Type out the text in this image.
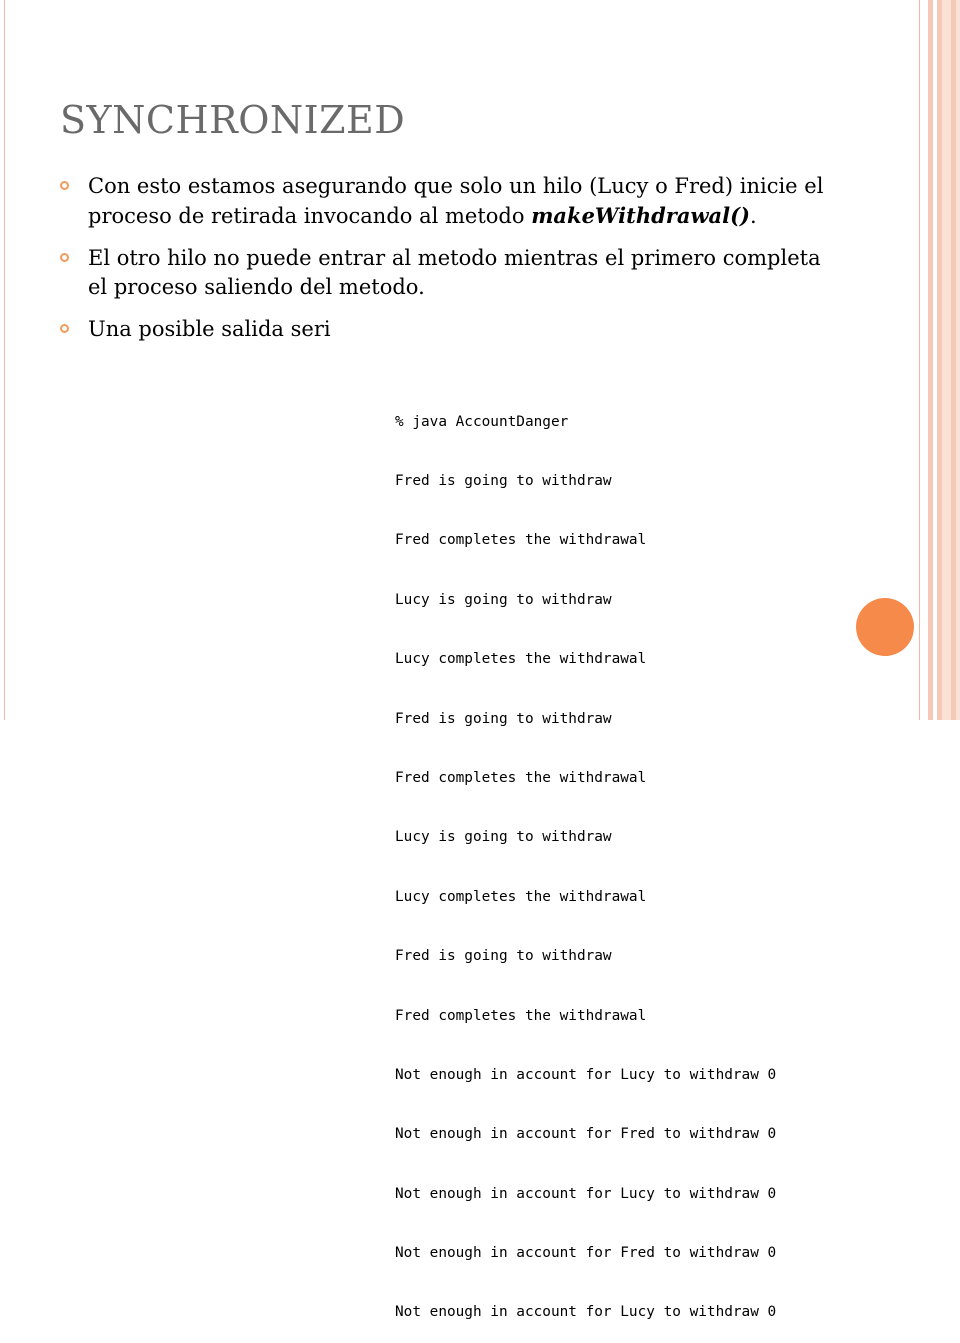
SYNCHRONIZED
Con esto estamos asegurando que solo un hilo (Lucy o Fred) inicie el proceso de retirada invocando al metodo makeWithdrawal().
El otro hilo no puede entrar al metodo mientras el primero completa el proceso saliendo del metodo.
Una posible salida seri

% java AccountDanger

Fred is going to withdraw

Fred completes the withdrawal

Lucy is going to withdraw

Lucy completes the withdrawal

Fred is going to withdraw

Fred completes the withdrawal

Lucy is going to withdraw

Lucy completes the withdrawal

Fred is going to withdraw

Fred completes the withdrawal

Not enough in account for Lucy to withdraw 0

Not enough in account for Fred to withdraw 0

Not enough in account for Lucy to withdraw 0

Not enough in account for Fred to withdraw 0

Not enough in account for Lucy to withdraw 0
